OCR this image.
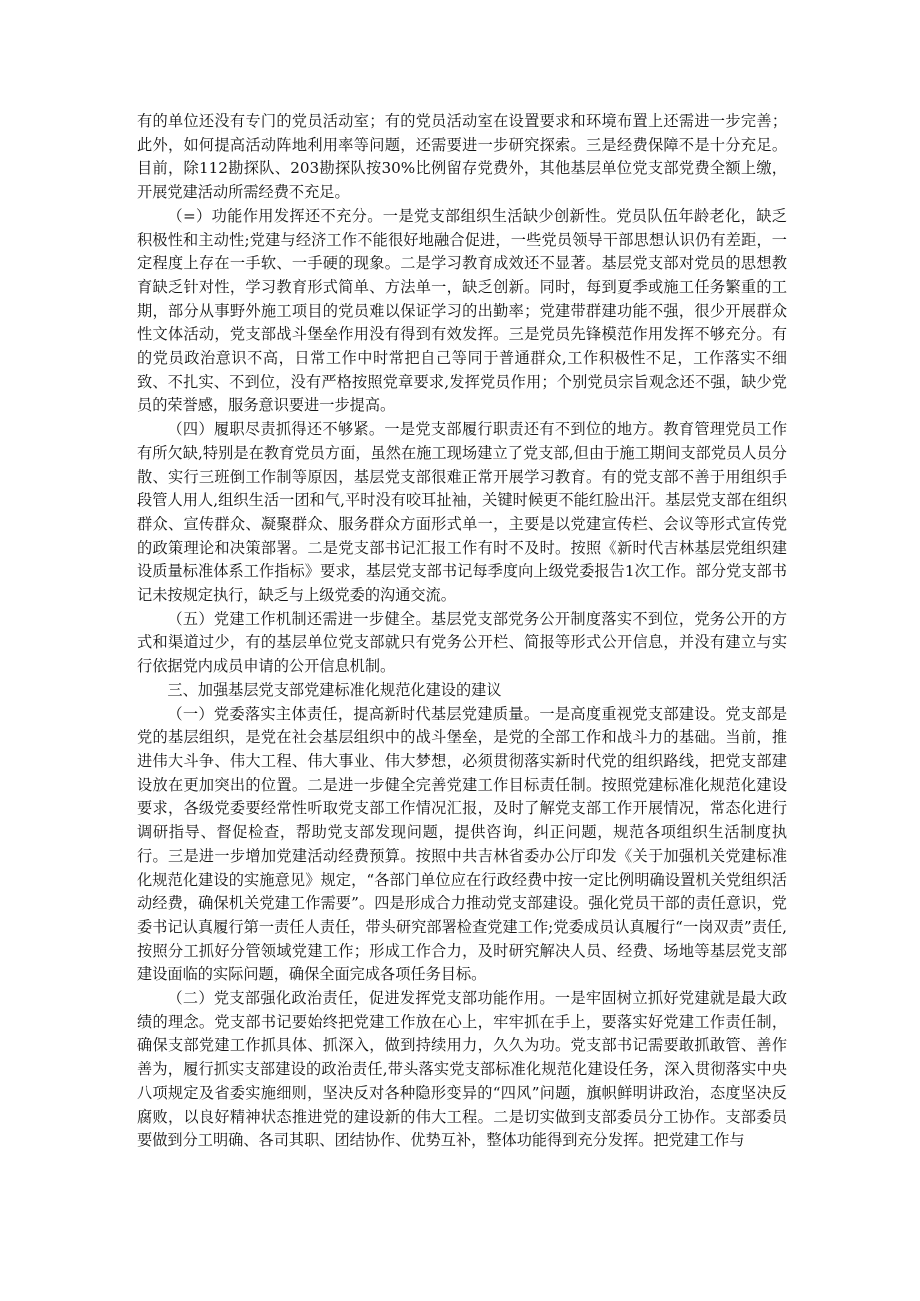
有的单位还没有专门的党员活动室；有的党员活动室在设置要求和环境布置上还需进一步完善；此外，如何提高活动阵地利用率等问题，还需要进一步研究探索。三是经费保障不是十分充足。目前，除112勘探队、203勘探队按30%比例留存党费外，其他基层单位党支部党费全额上缴，开展党建活动所需经费不充足。

（=）功能作用发挥还不充分。一是党支部组织生活缺少创新性。党员队伍年龄老化，缺乏积极性和主动性;党建与经济工作不能很好地融合促进，一些党员领导干部思想认识仍有差距，一定程度上存在一手软、一手硬的现象。二是学习教育成效还不显著。基层党支部对党员的思想教育缺乏针对性，学习教育形式简单、方法单一，缺乏创新。同时，每到夏季或施工任务繁重的工期，部分从事野外施工项目的党员难以保证学习的出勤率；党建带群建功能不强，很少开展群众性文体活动，党支部战斗堡垒作用没有得到有效发挥。三是党员先锋模范作用发挥不够充分。有的党员政治意识不高，日常工作中时常把自己等同于普通群众,工作积极性不足，工作落实不细致、不扎实、不到位，没有严格按照党章要求,发挥党员作用；个别党员宗旨观念还不强，缺少党员的荣誉感，服务意识要进一步提高。

（四）履职尽责抓得还不够紧。一是党支部履行职责还有不到位的地方。教育管理党员工作有所欠缺,特别是在教育党员方面，虽然在施工现场建立了党支部,但由于施工期间支部党员人员分散、实行三班倒工作制等原因，基层党支部很难正常开展学习教育。有的党支部不善于用组织手段管人用人,组织生活一团和气,平时没有咬耳扯袖，关键时候更不能红脸出汗。基层党支部在组织群众、宣传群众、凝聚群众、服务群众方面形式单一，主要是以党建宣传栏、会议等形式宣传党的政策理论和决策部署。二是党支部书记汇报工作有时不及时。按照《新时代吉林基层党组织建设质量标准体系工作指标》要求，基层党支部书记每季度向上级党委报告1次工作。部分党支部书记未按规定执行，缺乏与上级党委的沟通交流。

（五）党建工作机制还需进一步健全。基层党支部党务公开制度落实不到位，党务公开的方式和渠道过少，有的基层单位党支部就只有党务公开栏、简报等形式公开信息，并没有建立与实行依据党内成员申请的公开信息机制。

三、加强基层党支部党建标准化规范化建设的建议

（一）党委落实主体责任，提高新时代基层党建质量。一是高度重视党支部建设。党支部是党的基层组织，是党在社会基层组织中的战斗堡垒，是党的全部工作和战斗力的基础。当前，推进伟大斗争、伟大工程、伟大事业、伟大梦想，必须贯彻落实新时代党的组织路线，把党支部建设放在更加突出的位置。二是进一步健全完善党建工作目标责任制。按照党建标准化规范化建设要求，各级党委要经常性听取党支部工作情况汇报，及时了解党支部工作开展情况，常态化进行调研指导、督促检查，帮助党支部发现问题，提供咨询，纠正问题，规范各项组织生活制度执行。三是进一步增加党建活动经费预算。按照中共吉林省委办公厅印发《关于加强机关党建标准化规范化建设的实施意见》规定，“各部门单位应在行政经费中按一定比例明确设置机关党组织活动经费，确保机关党建工作需要”。四是形成合力推动党支部建设。强化党员干部的责任意识，党委书记认真履行第一责任人责任，带头研究部署检查党建工作;党委成员认真履行“一岗双责”责任,按照分工抓好分管领域党建工作；形成工作合力，及时研究解决人员、经费、场地等基层党支部建设面临的实际问题，确保全面完成各项任务目标。

（二）党支部强化政治责任，促进发挥党支部功能作用。一是牢固树立抓好党建就是最大政绩的理念。党支部书记要始终把党建工作放在心上，牢牢抓在手上，要落实好党建工作责任制，确保支部党建工作抓具体、抓深入，做到持续用力，久久为功。党支部书记需要敢抓敢管、善作善为，履行抓实支部建设的政治责任,带头落实党支部标准化规范化建设任务，深入贯彻落实中央八项规定及省委实施细则，坚决反对各种隐形变异的“四风”问题，旗帜鲜明讲政治，态度坚决反腐败，以良好精神状态推进党的建设新的伟大工程。二是切实做到支部委员分工协作。支部委员要做到分工明确、各司其职、团结协作、优势互补，整体功能得到充分发挥。把党建工作与
